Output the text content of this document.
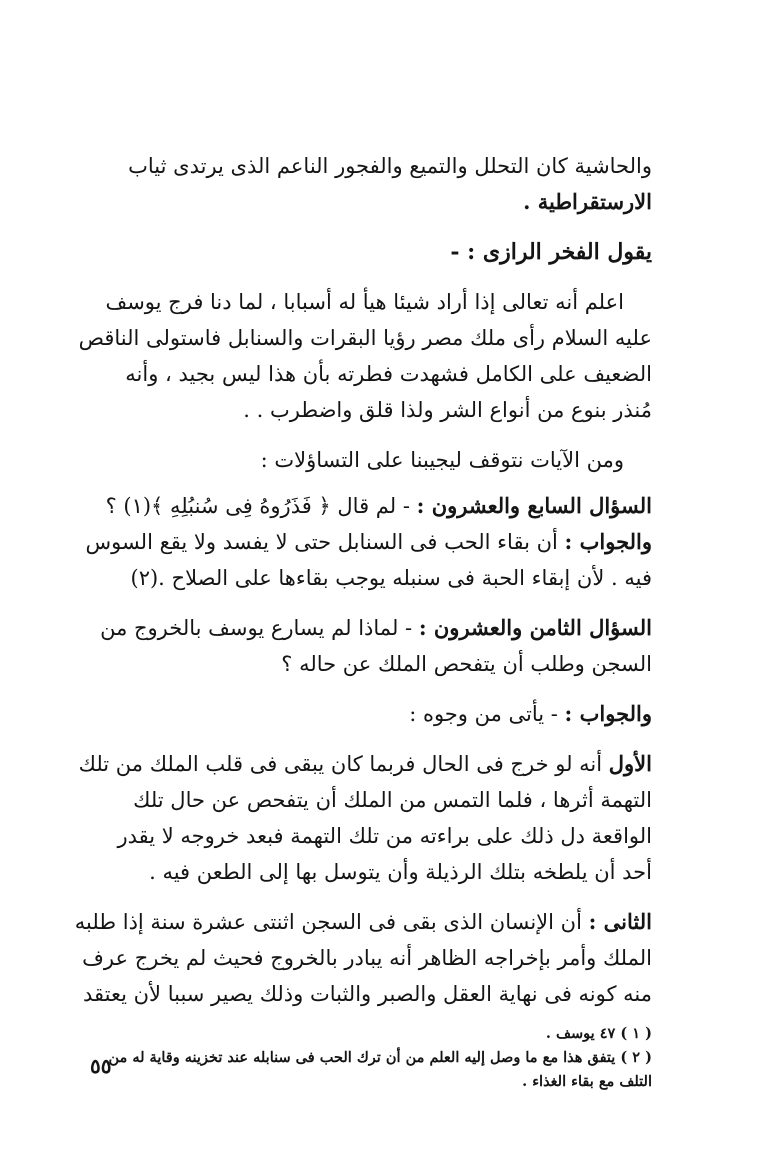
والحاشية كان التحلل والتميع والفجور الناعم الذى يرتدى ثياب
الارستقراطية .
يقول الفخر الرازى : -
اعلم أنه تعالى إذا أراد شيئا هيأ له أسبابا ، لما دنا فرج يوسف
عليه السلام رأى ملك مصر رؤيا البقرات والسنابل فاستولى الناقص
الضعيف على الكامل فشهدت فطرته بأن هذا ليس بجيد ، وأنه
مُنذر بنوع من أنواع الشر ولذا قلق واضطرب . .
ومن الآيات نتوقف ليجيبنا على التساؤلات :
السؤال السابع والعشرون : - لم قال ﴿ فَذَرُوهُ فِى سُنبُلِهِ ﴾(١) ؟
والجواب : أن بقاء الحب فى السنابل حتى لا يفسد ولا يقع السوس
فيه . لأن إبقاء الحبة فى سنبله يوجب بقاءها على الصلاح .(٢)
السؤال الثامن والعشرون : - لماذا لم يسارع يوسف بالخروج من
السجن وطلب أن يتفحص الملك عن حاله ؟
والجواب : - يأتى من وجوه :
الأول أنه لو خرج فى الحال فربما كان يبقى فى قلب الملك من تلك
التهمة أثرها ، فلما التمس من الملك أن يتفحص عن حال تلك
الواقعة دل ذلك على براءته من تلك التهمة فبعد خروجه لا يقدر
أحد أن يلطخه بتلك الرذيلة وأن يتوسل بها إلى الطعن فيه .
الثانى : أن الإنسان الذى بقى فى السجن اثنتى عشرة سنة إذا طلبه
الملك وأمر بإخراجه الظاهر أنه يبادر بالخروج فحيث لم يخرج عرف
منه كونه فى نهاية العقل والصبر والثبات وذلك يصير سببا لأن يعتقد
( ١ ) ٤٧ يوسف .
( ٢ ) يتفق هذا مع ما وصل إليه العلم من أن ترك الحب فى سنابله عند تخزينه وقاية له من
التلف مع بقاء الغذاء .
٥٥
